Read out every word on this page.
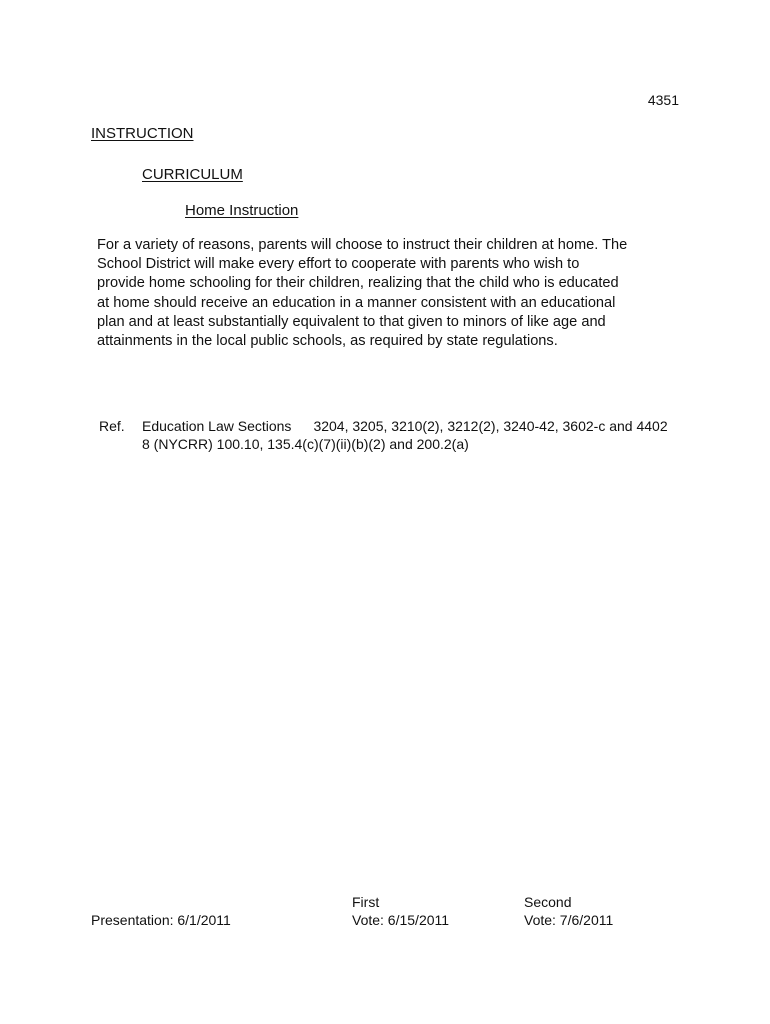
4351
INSTRUCTION
CURRICULUM
Home Instruction
For a variety of reasons, parents will choose to instruct their children at home. The
School District will make every effort to cooperate with parents who wish to
provide home schooling for their children, realizing that the child who is educated
at home should receive an education in a manner consistent with an educational
plan and at least substantially equivalent to that given to minors of like age and
attainments in the local public schools, as required by state regulations.
Ref. Education Law Sections 3204, 3205, 3210(2), 3212(2), 3240-42, 3602-c and 4402
8 (NYCRR) 100.10, 135.4(c)(7)(ii)(b)(2) and 200.2(a)
Presentation: 6/1/2011
First
Vote: 6/15/2011
Second
Vote: 7/6/2011
